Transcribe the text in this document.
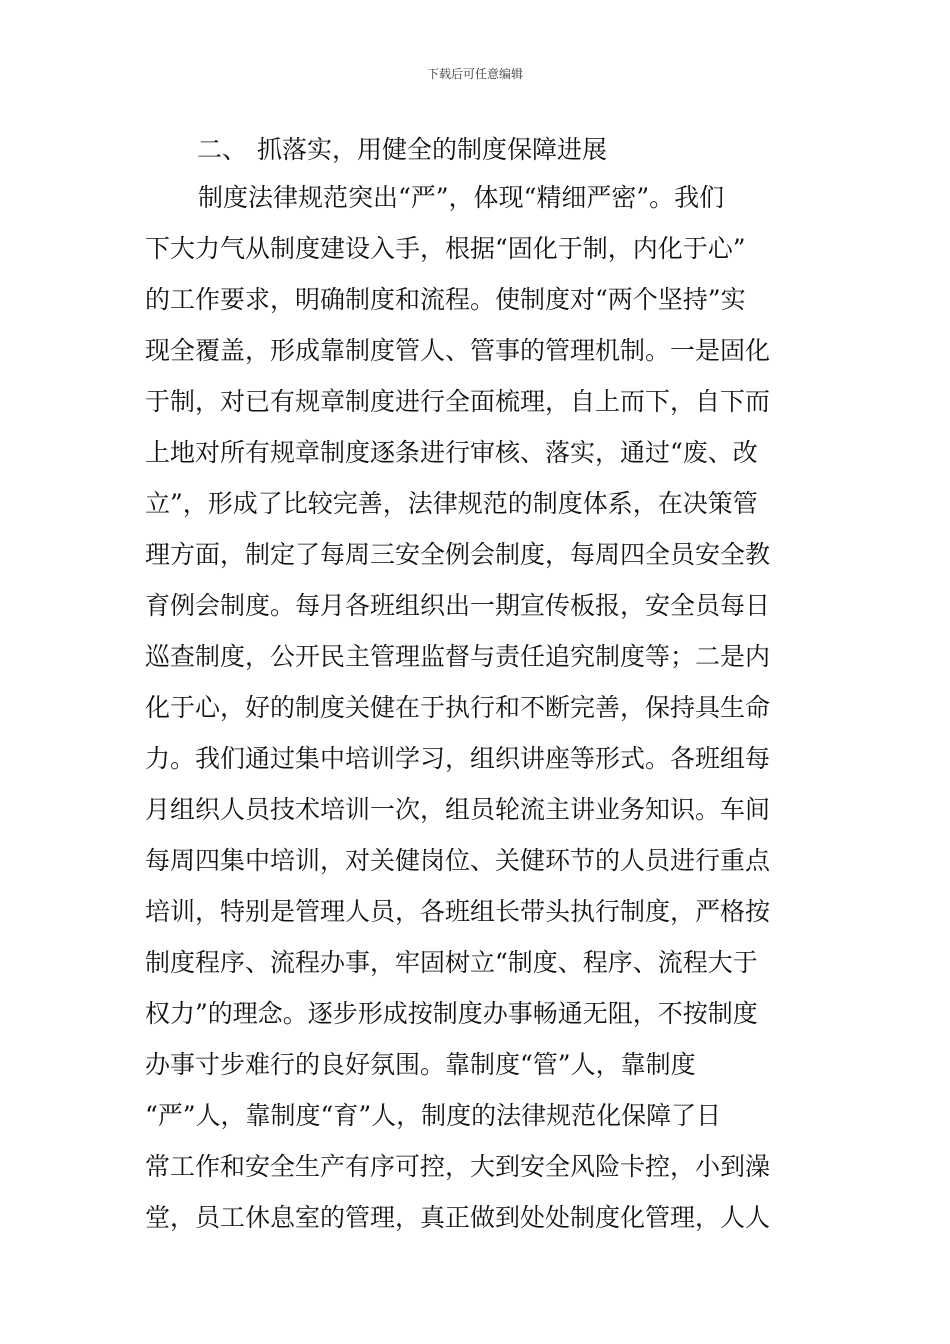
下载后可任意编辑
二、 抓落实，用健全的制度保障进展
制度法律规范突出“严”，体现“精细严密”。我们
下大力气从制度建设入手，根据“固化于制，内化于心”
的工作要求，明确制度和流程。使制度对“两个坚持”实
现全覆盖，形成靠制度管人、管事的管理机制。一是固化
于制，对已有规章制度进行全面梳理，自上而下，自下而
上地对所有规章制度逐条进行审核、落实，通过“废、改
立”，形成了比较完善，法律规范的制度体系，在决策管
理方面，制定了每周三安全例会制度，每周四全员安全教
育例会制度。每月各班组织出一期宣传板报，安全员每日
巡查制度，公开民主管理监督与责任追究制度等；二是内
化于心，好的制度关健在于执行和不断完善，保持具生命
力。我们通过集中培训学习，组织讲座等形式。各班组每
月组织人员技术培训一次，组员轮流主讲业务知识。车间
每周四集中培训，对关健岗位、关健环节的人员进行重点
培训，特别是管理人员，各班组长带头执行制度，严格按
制度程序、流程办事，牢固树立“制度、程序、流程大于
权力”的理念。逐步形成按制度办事畅通无阻，不按制度
办事寸步难行的良好氛围。靠制度“管”人，靠制度
“严”人，靠制度“育”人，制度的法律规范化保障了日
常工作和安全生产有序可控，大到安全风险卡控，小到澡
堂，员工休息室的管理，真正做到处处制度化管理，人人
